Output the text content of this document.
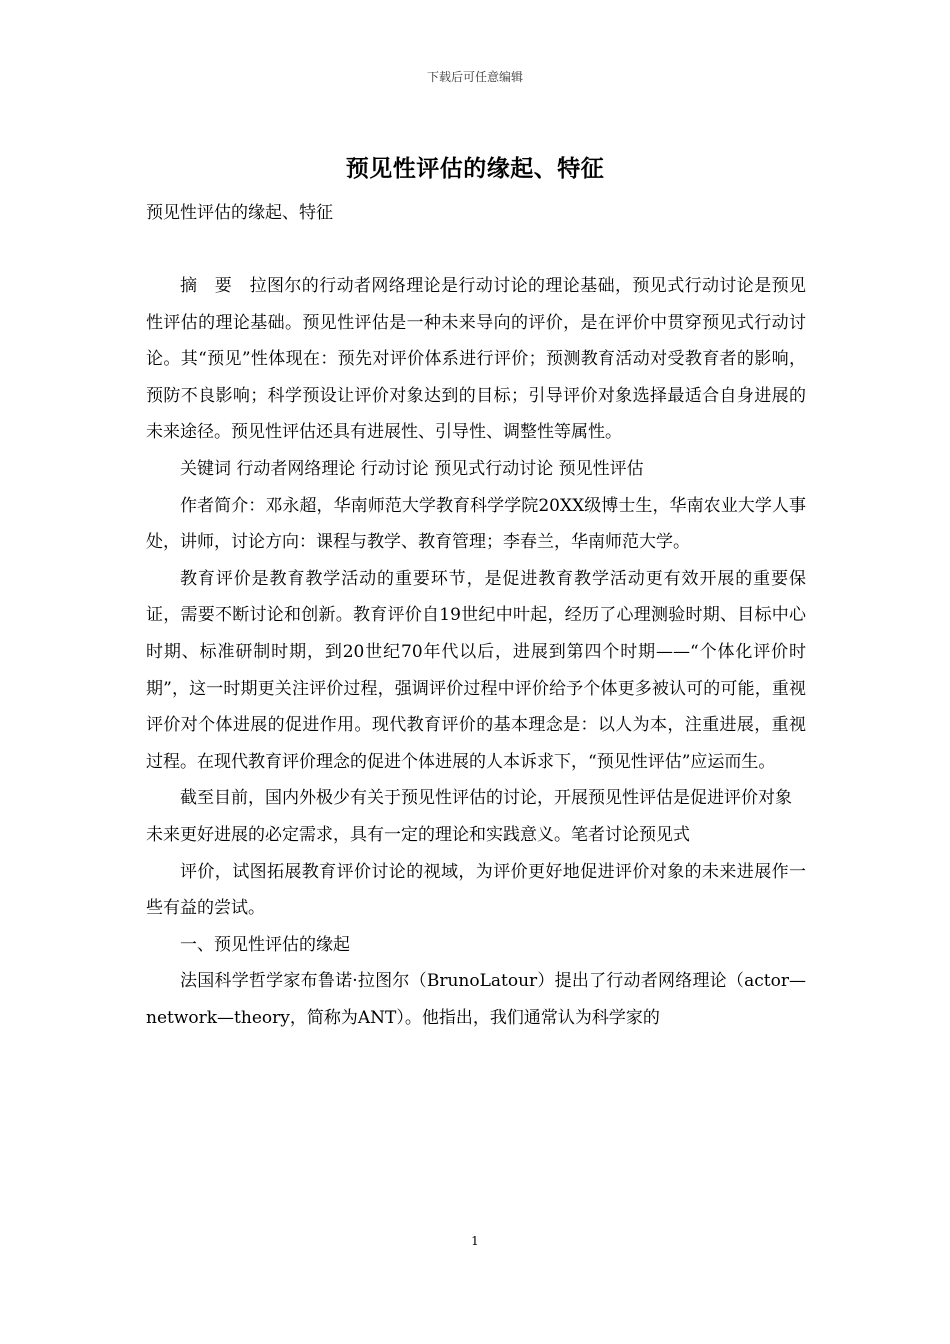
下载后可任意编辑
预见性评估的缘起、特征
预见性评估的缘起、特征

摘　要　拉图尔的行动者网络理论是行动讨论的理论基础，预见式行动讨论是预见性评估的理论基础。预见性评估是一种未来导向的评价，是在评价中贯穿预见式行动讨论。其“预见”性体现在：预先对评价体系进行评价；预测教育活动对受教育者的影响，预防不良影响；科学预设让评价对象达到的目标；引导评价对象选择最适合自身进展的未来途径。预见性评估还具有进展性、引导性、调整性等属性。

关键词 行动者网络理论 行动讨论 预见式行动讨论 预见性评估

作者简介：邓永超，华南师范大学教育科学学院20XX级博士生，华南农业大学人事处，讲师，讨论方向：课程与教学、教育管理；李春兰，华南师范大学。

教育评价是教育教学活动的重要环节，是促进教育教学活动更有效开展的重要保证，需要不断讨论和创新。教育评价自19世纪中叶起，经历了心理测验时期、目标中心时期、标准研制时期，到20世纪70年代以后，进展到第四个时期——“个体化评价时期”，这一时期更关注评价过程，强调评价过程中评价给予个体更多被认可的可能，重视评价对个体进展的促进作用。现代教育评价的基本理念是：以人为本，注重进展，重视过程。在现代教育评价理念的促进个体进展的人本诉求下，“预见性评估”应运而生。

截至目前，国内外极少有关于预见性评估的讨论，开展预见性评估是促进评价对象未来更好进展的必定需求，具有一定的理论和实践意义。笔者讨论预见式

评价，试图拓展教育评价讨论的视域，为评价更好地促进评价对象的未来进展作一些有益的尝试。

一、预见性评估的缘起

法国科学哲学家布鲁诺·拉图尔（BrunoLatour）提出了行动者网络理论（actor—network—theory，简称为ANT）。他指出，我们通常认为科学家的

1
